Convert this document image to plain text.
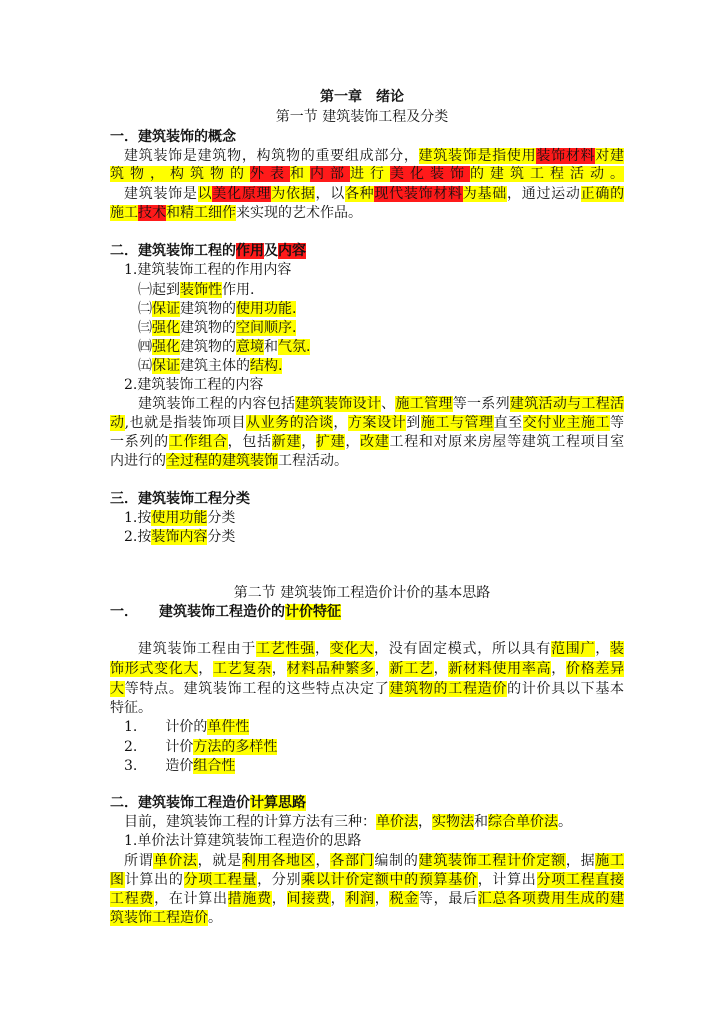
第一章　绪论
第一节 建筑装饰工程及分类
一．建筑装饰的概念
建筑装饰是建筑物，构筑物的重要组成部分，建筑装饰是指使用装饰材料对建
筑物，构筑物的外表和内部进行美化装饰的建筑工程活动。
建筑装饰是以美化原理为依据，以各种现代装饰材料为基础，通过运动正确的
施工技术和精工细作来实现的艺术作品。
二．建筑装饰工程的作用及内容
1.建筑装饰工程的作用内容
㈠起到装饰性作用.
㈡保证建筑物的使用功能.
㈢强化建筑物的空间顺序.
㈣强化建筑物的意境和气氛.
㈤保证建筑主体的结构.
2.建筑装饰工程的内容
建筑装饰工程的内容包括建筑装饰设计、施工管理等一系列建筑活动与工程活
动,也就是指装饰项目从业务的洽谈，方案设计到施工与管理直至交付业主施工等
一系列的工作组合，包括新建，扩建，改建工程和对原来房屋等建筑工程项目室
内进行的全过程的建筑装饰工程活动。
三．建筑装饰工程分类
1.按使用功能分类
2.按装饰内容分类
第二节 建筑装饰工程造价计价的基本思路
一．　　建筑装饰工程造价的计价特征
建筑装饰工程由于工艺性强，变化大，没有固定模式，所以具有范围广，装
饰形式变化大，工艺复杂，材料品种繁多，新工艺，新材料使用率高，价格差异
大等特点。建筑装饰工程的这些特点决定了建筑物的工程造价的计价具以下基本
特征。
1.　　计价的单件性
2.　　计价方法的多样性
3.　　造价组合性
二．建筑装饰工程造价计算思路
目前，建筑装饰工程的计算方法有三种：单价法，实物法和综合单价法。
1.单价法计算建筑装饰工程造价的思路
所谓单价法，就是利用各地区，各部门编制的建筑装饰工程计价定额，据施工
图计算出的分项工程量，分别乘以计价定额中的预算基价，计算出分项工程直接
工程费，在计算出措施费，间接费，利润，税金等，最后汇总各项费用生成的建
筑装饰工程造价。
